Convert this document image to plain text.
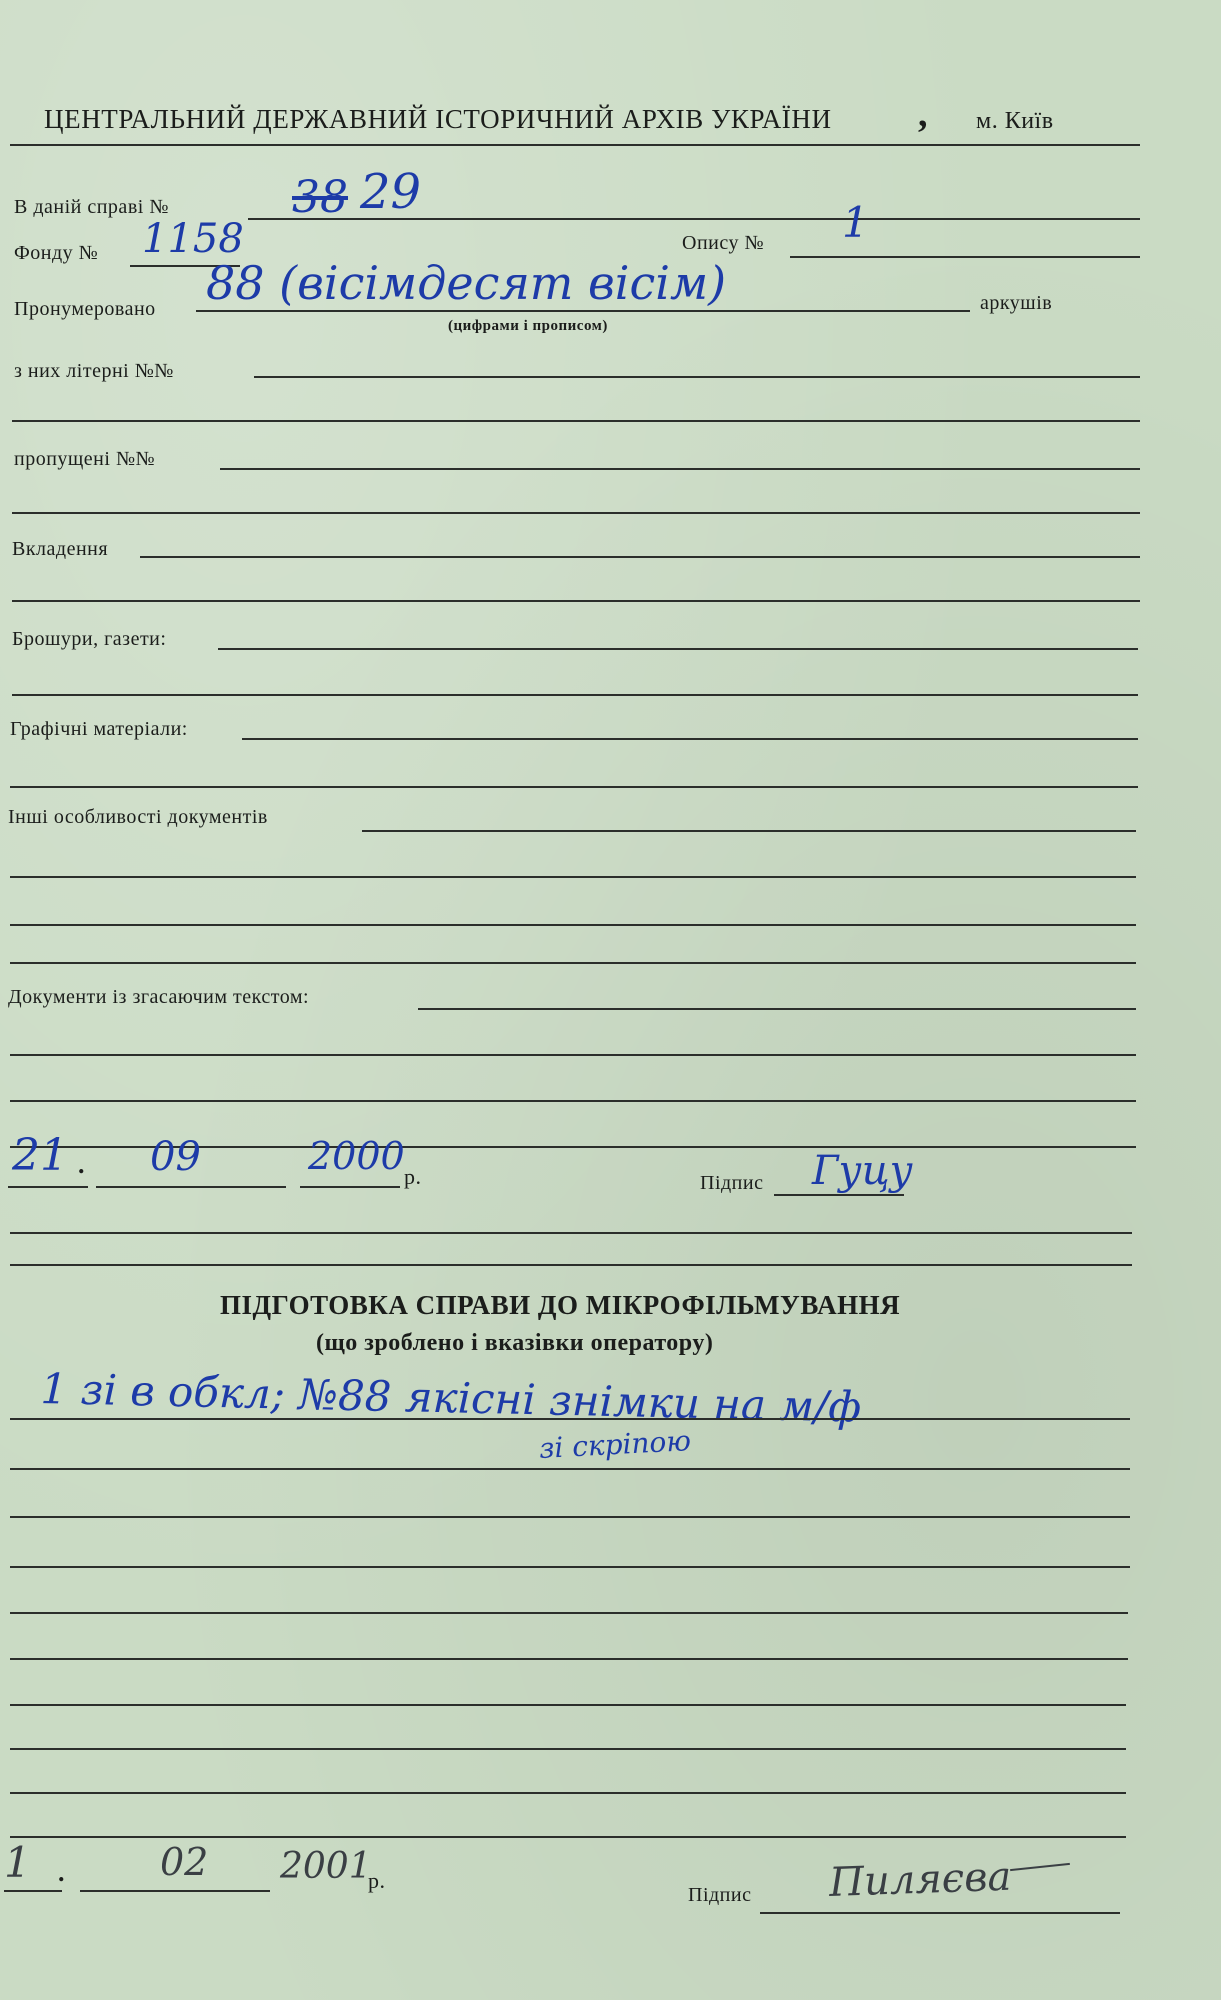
ЦЕНТРАЛЬНИЙ ДЕРЖАВНИЙ ІСТОРИЧНИЙ АРХІВ УКРАЇНИ , м. Київ
В даній справі №	38 29
Фонду № 1158	Опису № 1
Пронумеровано 88 (вісімдесят вісім)
(цифрами і прописом)
аркушів
з них літерні №№
пропущені №№
Вкладення
Брошури, газети:
Графічні матеріали:
Інші особливості документів
Документи із згасаючим текстом:
21 . 09	2000 р.	Підпис Гуцу
ПІДГОТОВКА СПРАВИ ДО МІКРОФІЛЬМУВАННЯ
(що зроблено і вказівки оператору)
1 зі в обкл; №88 якісні знімки на м/ф
зі скріпою
1 .	02 2001
р.
Підпис Пиляєва
